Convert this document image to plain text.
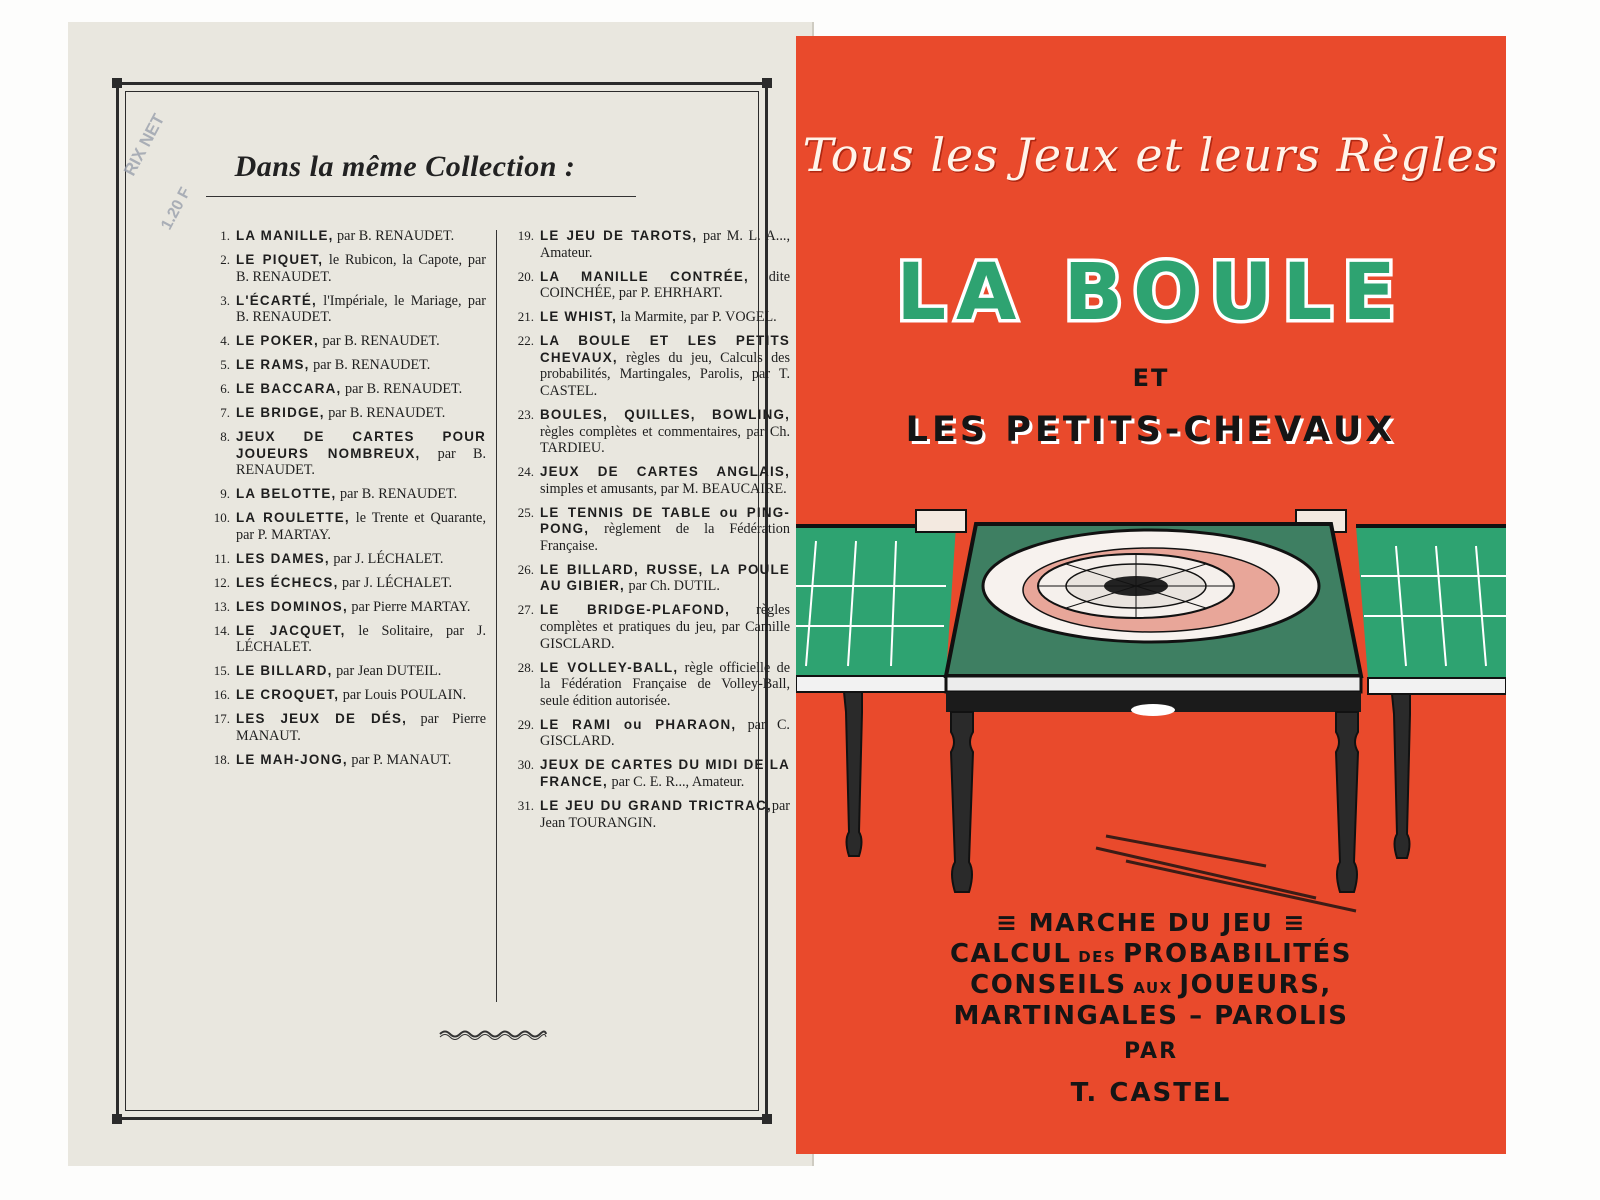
RIX NET
1.20 F
Dans la même Collection :
1. LA MANILLE, par B. RENAUDET.
2. LE PIQUET, le Rubicon, la Capote, par B. RENAUDET.
3. L'ÉCARTÉ, l'Impériale, le Mariage, par B. RENAUDET.
4. LE POKER, par B. RENAUDET.
5. LE RAMS, par B. RENAUDET.
6. LE BACCARA, par B. RENAUDET.
7. LE BRIDGE, par B. RENAUDET.
8. JEUX DE CARTES POUR JOUEURS NOMBREUX, par B. RENAUDET.
9. LA BELOTTE, par B. RENAUDET.
10. LA ROULETTE, le Trente et Quarante, par P. MARTAY.
11. LES DAMES, par J. LÉCHALET.
12. LES ÉCHECS, par J. LÉCHALET.
13. LES DOMINOS, par Pierre MARTAY.
14. LE JACQUET, le Solitaire, par J. LÉCHALET.
15. LE BILLARD, par Jean DUTEIL.
16. LE CROQUET, par Louis POULAIN.
17. LES JEUX DE DÉS, par Pierre MANAUT.
18. LE MAH-JONG, par P. MANAUT.
19. LE JEU DE TAROTS, par M. L. A..., Amateur.
20. LA MANILLE CONTRÉE, dite COINCHÉE, par P. EHRHART.
21. LE WHIST, la Marmite, par P. VOGEL.
22. LA BOULE ET LES PETITS CHEVAUX, règles du jeu, Calculs des probabilités, Martingales, Parolis, par T. CASTEL.
23. BOULES, QUILLES, BOWLING, règles complètes et commentaires, par Ch. TARDIEU.
24. JEUX DE CARTES ANGLAIS, simples et amusants, par M. BEAUCAIRE.
25. LE TENNIS DE TABLE ou PING-PONG, règlement de la Fédération Française.
26. LE BILLARD, RUSSE, LA POULE AU GIBIER, par Ch. DUTIL.
27. LE BRIDGE-PLAFOND, règles complètes et pratiques du jeu, par Camille GISCLARD.
28. LE VOLLEY-BALL, règle officielle de la Fédération Française de Volley-Ball, seule édition autorisée.
29. LE RAMI ou PHARAON, par C. GISCLARD.
30. JEUX DE CARTES DU MIDI DE LA FRANCE, par C. E. R..., Amateur.
31. LE JEU DU GRAND TRICTRAC,par Jean TOURANGIN.
Tous les Jeux et leurs Règles
LA BOULE
ET
LES PETITS-CHEVAUX
≡ MARCHE DU JEU ≡
CALCUL DES PROBABILITÉS
CONSEILS AUX JOUEURS,
MARTINGALES – PAROLIS
PAR
T. CASTEL
